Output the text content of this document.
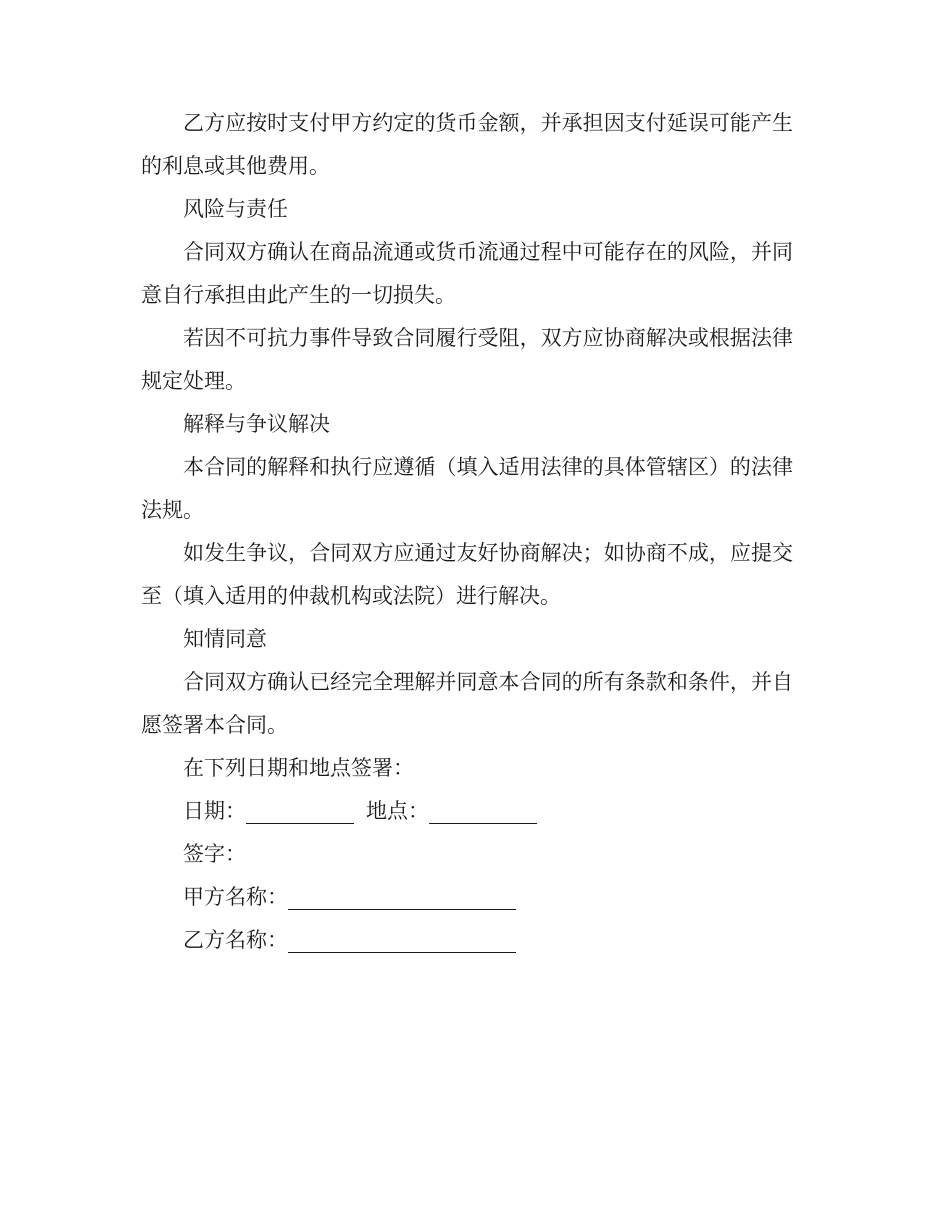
乙方应按时支付甲方约定的货币金额，并承担因支付延误可能产生的利息或其他费用。

风险与责任

合同双方确认在商品流通或货币流通过程中可能存在的风险，并同意自行承担由此产生的一切损失。

若因不可抗力事件导致合同履行受阻，双方应协商解决或根据法律规定处理。

解释与争议解决

本合同的解释和执行应遵循（填入适用法律的具体管辖区）的法律法规。

如发生争议，合同双方应通过友好协商解决；如协商不成，应提交至（填入适用的仲裁机构或法院）进行解决。

知情同意

合同双方确认已经完全理解并同意本合同的所有条款和条件，并自愿签署本合同。

在下列日期和地点签署：

日期：	地点：
签字：
甲方名称：
乙方名称：
